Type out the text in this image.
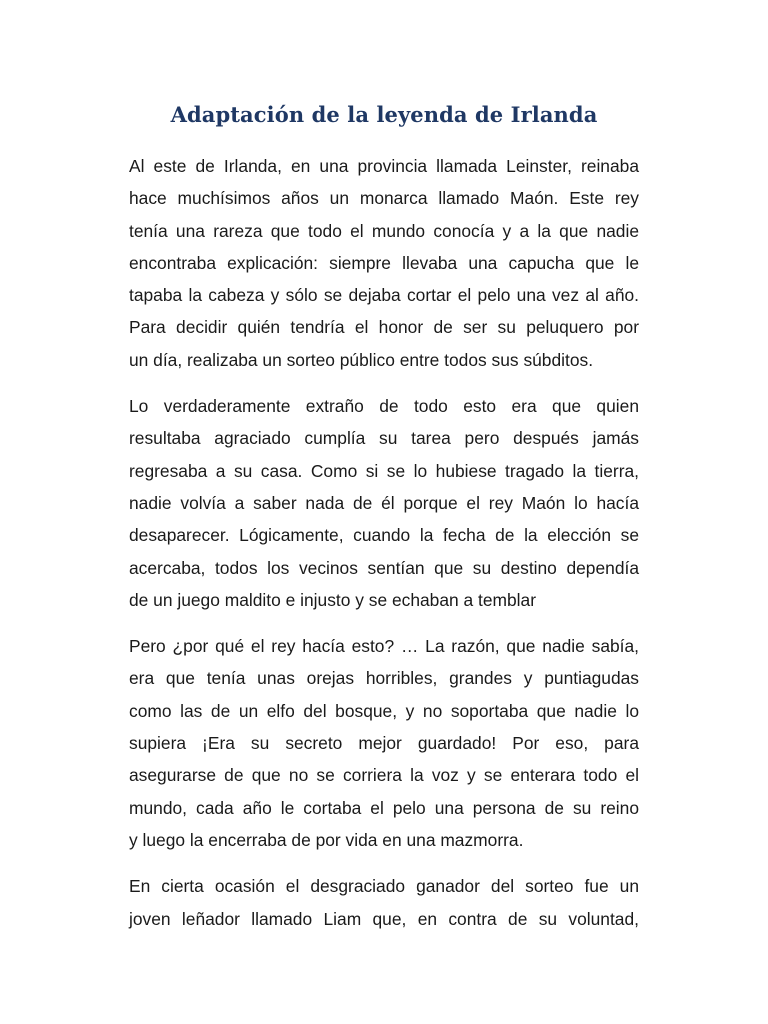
Adaptación de la leyenda de Irlanda

Al este de Irlanda, en una provincia llamada Leinster, reinaba
hace muchísimos años un monarca llamado Maón. Este rey
tenía una rareza que todo el mundo conocía y a la que nadie
encontraba explicación: siempre llevaba una capucha que le
tapaba la cabeza y sólo se dejaba cortar el pelo una vez al año.
Para decidir quién tendría el honor de ser su peluquero por
un día, realizaba un sorteo público entre todos sus súbditos.

Lo verdaderamente extraño de todo esto era que quien
resultaba agraciado cumplía su tarea pero después jamás
regresaba a su casa. Como si se lo hubiese tragado la tierra,
nadie volvía a saber nada de él porque el rey Maón lo hacía
desaparecer. Lógicamente, cuando la fecha de la elección se
acercaba, todos los vecinos sentían que su destino dependía
de un juego maldito e injusto y se echaban a temblar

Pero ¿por qué el rey hacía esto? … La razón, que nadie sabía,
era que tenía unas orejas horribles, grandes y puntiagudas
como las de un elfo del bosque, y no soportaba que nadie lo
supiera ¡Era su secreto mejor guardado! Por eso, para
asegurarse de que no se corriera la voz y se enterara todo el
mundo, cada año le cortaba el pelo una persona de su reino
y luego la encerraba de por vida en una mazmorra.

En cierta ocasión el desgraciado ganador del sorteo fue un
joven leñador llamado Liam que, en contra de su voluntad,
